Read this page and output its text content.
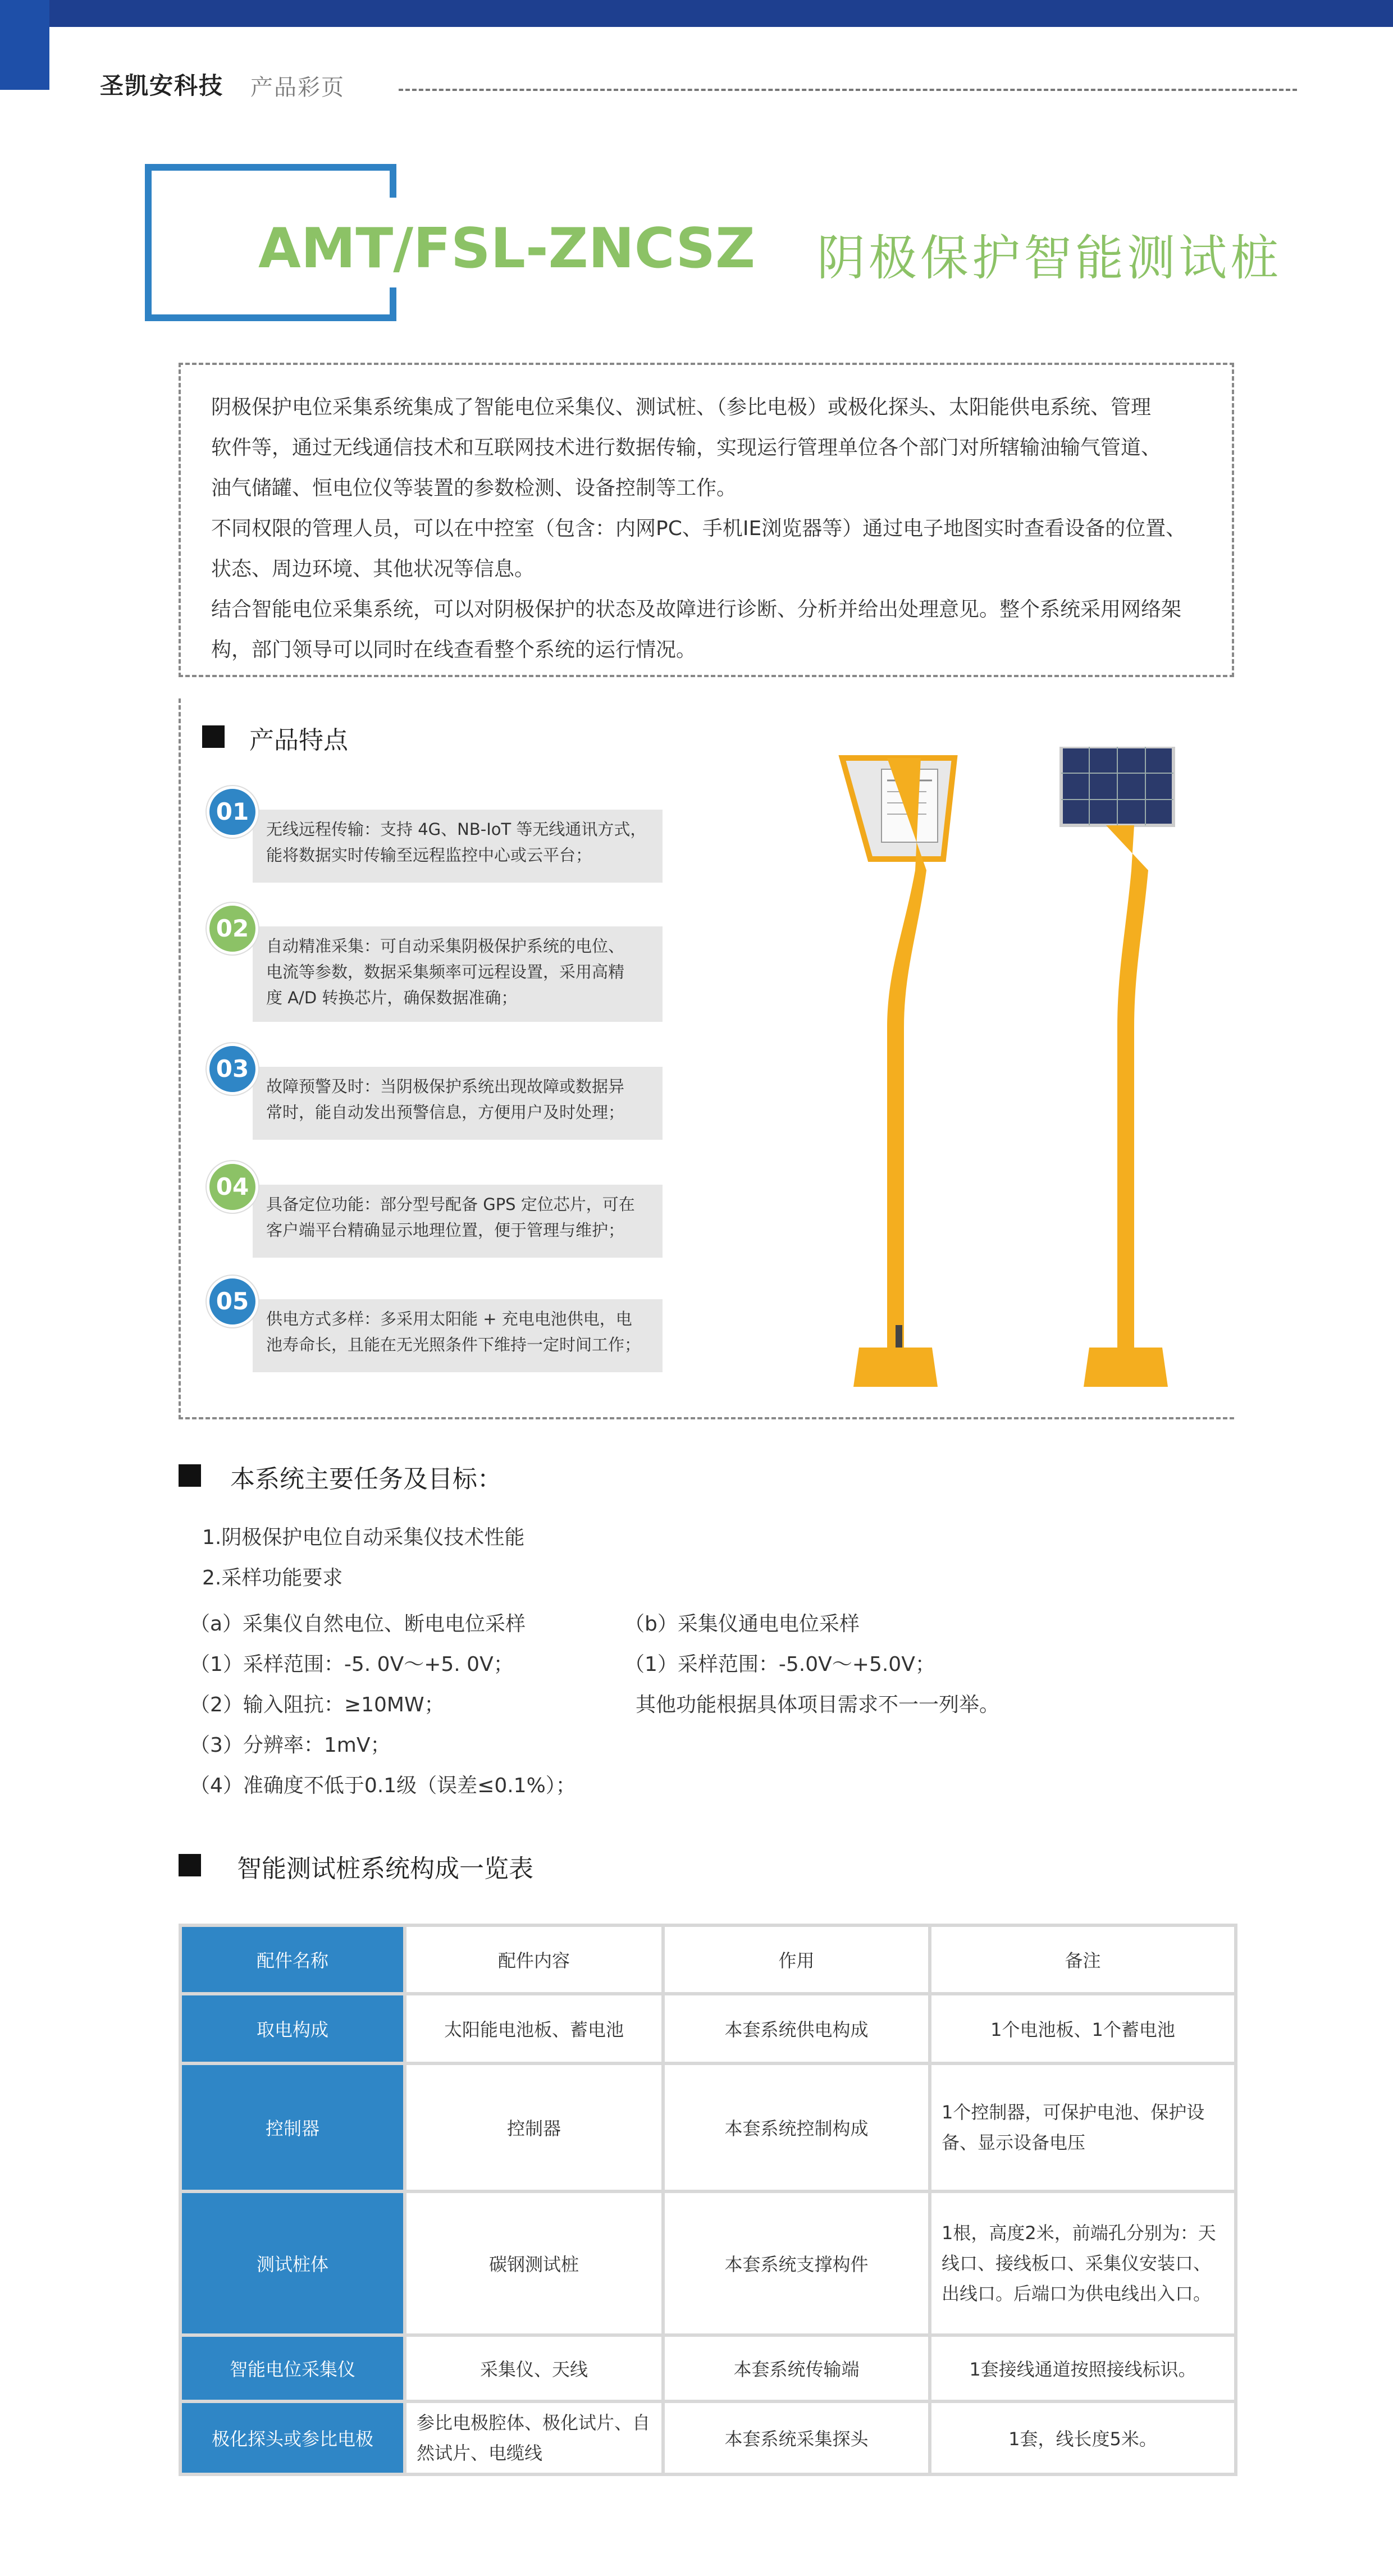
圣凯安科技 产品彩页
AMT/FSL-ZNCSZ 阴极保护智能测试桩

阴极保护电位采集系统集成了智能电位采集仪、测试桩、（参比电极）或极化探头、太阳能供电系统、管理

软件等，通过无线通信技术和互联网技术进行数据传输，实现运行管理单位各个部门对所辖输油输气管道、

油气储罐、恒电位仪等装置的参数检测、设备控制等工作。

不同权限的管理人员，可以在中控室（包含：内网PC、手机IE浏览器等）通过电子地图实时查看设备的位置、

状态、周边环境、其他状况等信息。

结合智能电位采集系统，可以对阴极保护的状态及故障进行诊断、分析并给出处理意见。整个系统采用网络架

构，部门领导可以同时在线查看整个系统的运行情况。

产品特点
01
无线远程传输：支持 4G、NB-IoT 等无线通讯方式，
能将数据实时传输至远程监控中心或云平台；
02
自动精准采集：可自动采集阴极保护系统的电位、
电流等参数，数据采集频率可远程设置，采用高精
度 A/D 转换芯片，确保数据准确；
03
故障预警及时：当阴极保护系统出现故障或数据异
常时，能自动发出预警信息，方便用户及时处理；
04
具备定位功能：部分型号配备 GPS 定位芯片，可在
客户端平台精确显示地理位置，便于管理与维护；
05
供电方式多样：多采用太阳能 + 充电电池供电，电
池寿命长，且能在无光照条件下维持一定时间工作；
本系统主要任务及目标：
1.阴极保护电位自动采集仪技术性能
2.采样功能要求
（a）采集仪自然电位、断电电位采样
（1）采样范围：-5. 0V～+5. 0V；
（2）输入阻抗：≥10MW；
（3）分辨率：1mV；
（4）准确度不低于0.1级（误差≤0.1%）；
（b）采集仪通电电位采样
（1）采样范围：-5.0V～+5.0V；
其他功能根据具体项目需求不一一列举。
智能测试桩系统构成一览表
配件名称	配件内容	作用	备注
取电构成	太阳能电池板、蓄电池	本套系统供电构成	1个电池板、1个蓄电池
控制器	控制器	本套系统控制构成	1个控制器，可保护电池、保护设备、显示设备电压
测试桩体	碳钢测试桩	本套系统支撑构件	1根，高度2米，前端孔分别为：天线口、接线板口、采集仪安装口、出线口。后端口为供电线出入口。
智能电位采集仪	采集仪、天线	本套系统传输端	1套接线通道按照接线标识。
极化探头或参比电极	参比电极腔体、极化试片、自然试片、电缆线	本套系统采集探头	1套，线长度5米。
